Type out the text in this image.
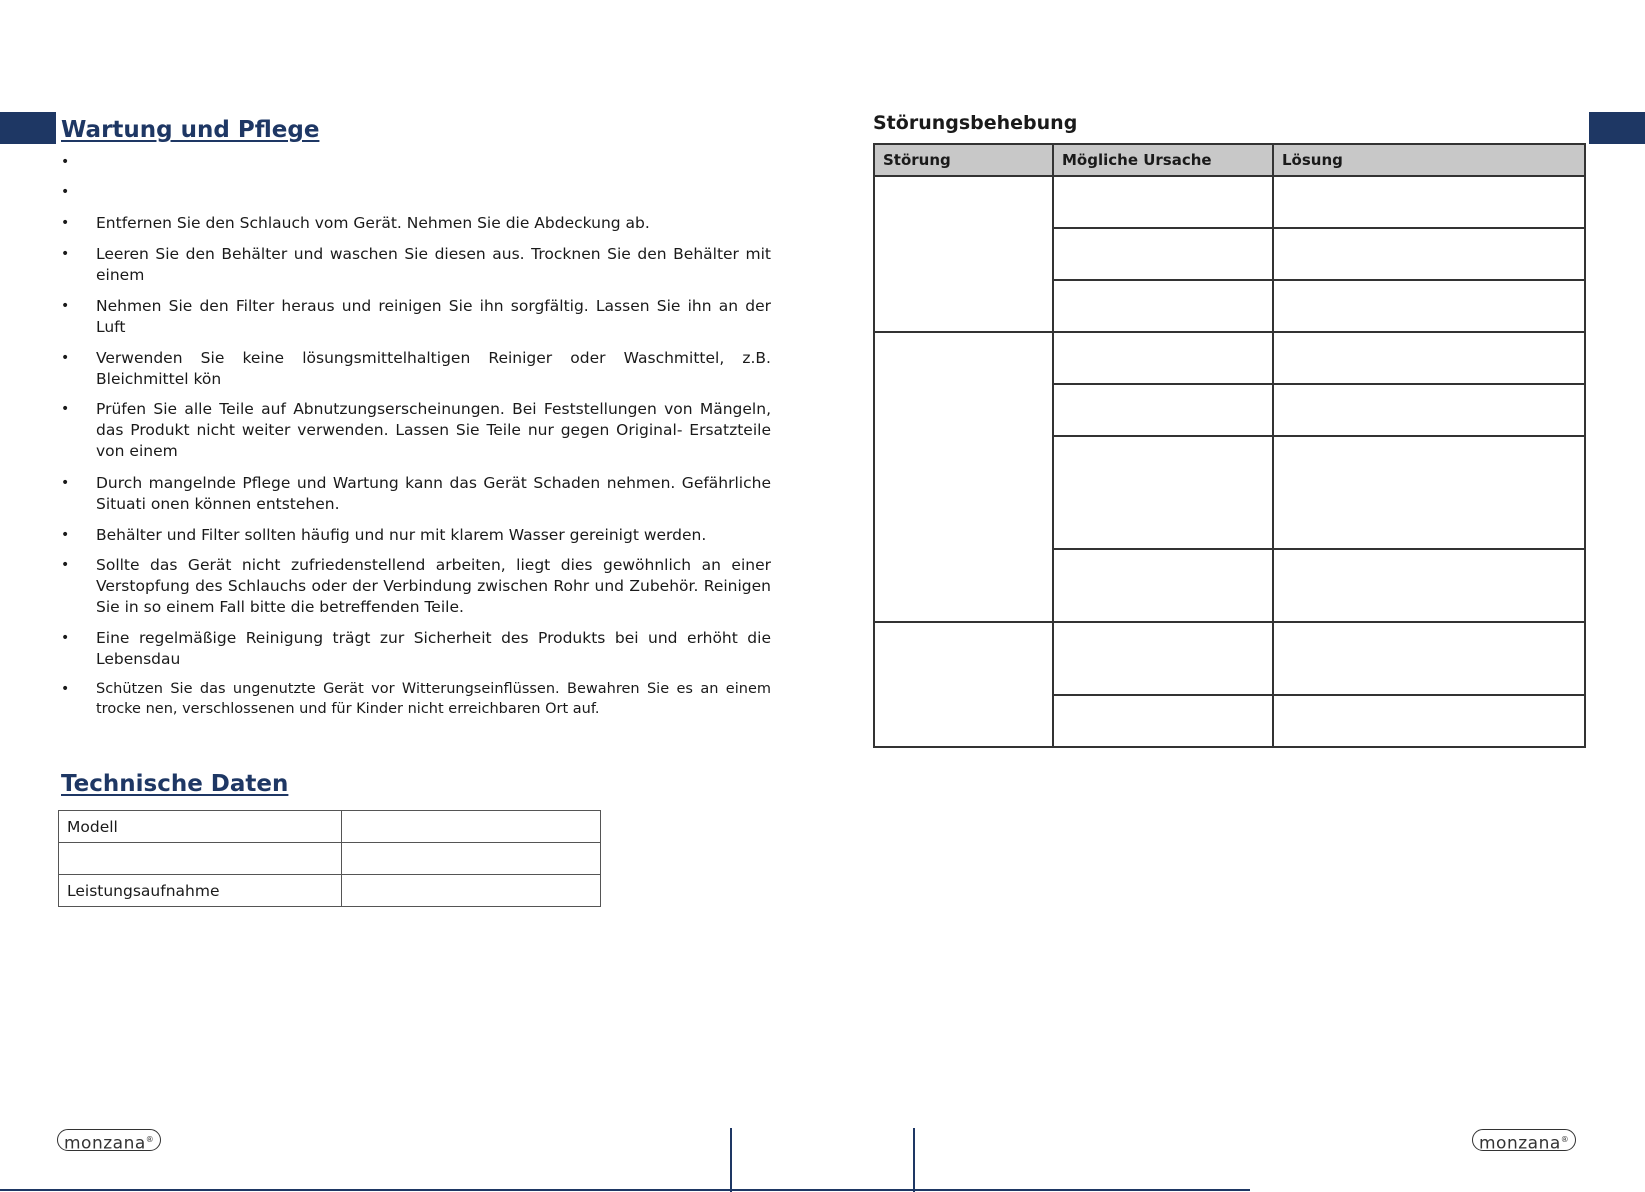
Wartung und Pflege
•
•
•	Entfernen Sie den Schlauch vom Gerät. Nehmen Sie die Abdeckung ab.
•	Leeren Sie den Behälter und waschen Sie diesen aus. Trocknen Sie den Behälter mit einem
•	Nehmen Sie den Filter heraus und reinigen Sie ihn sorgfältig. Lassen Sie ihn an der Luft
•	Verwenden Sie keine lösungsmittelhaltigen Reiniger oder Waschmittel, z.B. Bleichmittel kön
•	Prüfen Sie alle Teile auf Abnutzungserscheinungen. Bei Feststellungen von Mängeln, das Produkt nicht weiter verwenden. Lassen Sie Teile nur gegen Original- Ersatzteile von einem
•	Durch mangelnde Pflege und Wartung kann das Gerät Schaden nehmen. Gefährliche Situati onen können entstehen.
•	Behälter und Filter sollten häufig und nur mit klarem Wasser gereinigt werden.
•	Sollte das Gerät nicht zufriedenstellend arbeiten, liegt dies gewöhnlich an einer Verstopfung des Schlauchs oder der Verbindung zwischen Rohr und Zubehör. Reinigen Sie in so einem Fall bitte die betreffenden Teile.
•	Eine regelmäßige Reinigung trägt zur Sicherheit des Produkts bei und erhöht die Lebensdau
•	Schützen Sie das ungenutzte Gerät vor Witterungseinflüssen. Bewahren Sie es an einem trocke nen, verschlossenen und für Kinder nicht erreichbaren Ort auf.
Technische Daten
Modell	

Leistungsaufnahme	
Störungsbehebung
Störung	Mögliche Ursache	Lösung

monzana®	monzana®
